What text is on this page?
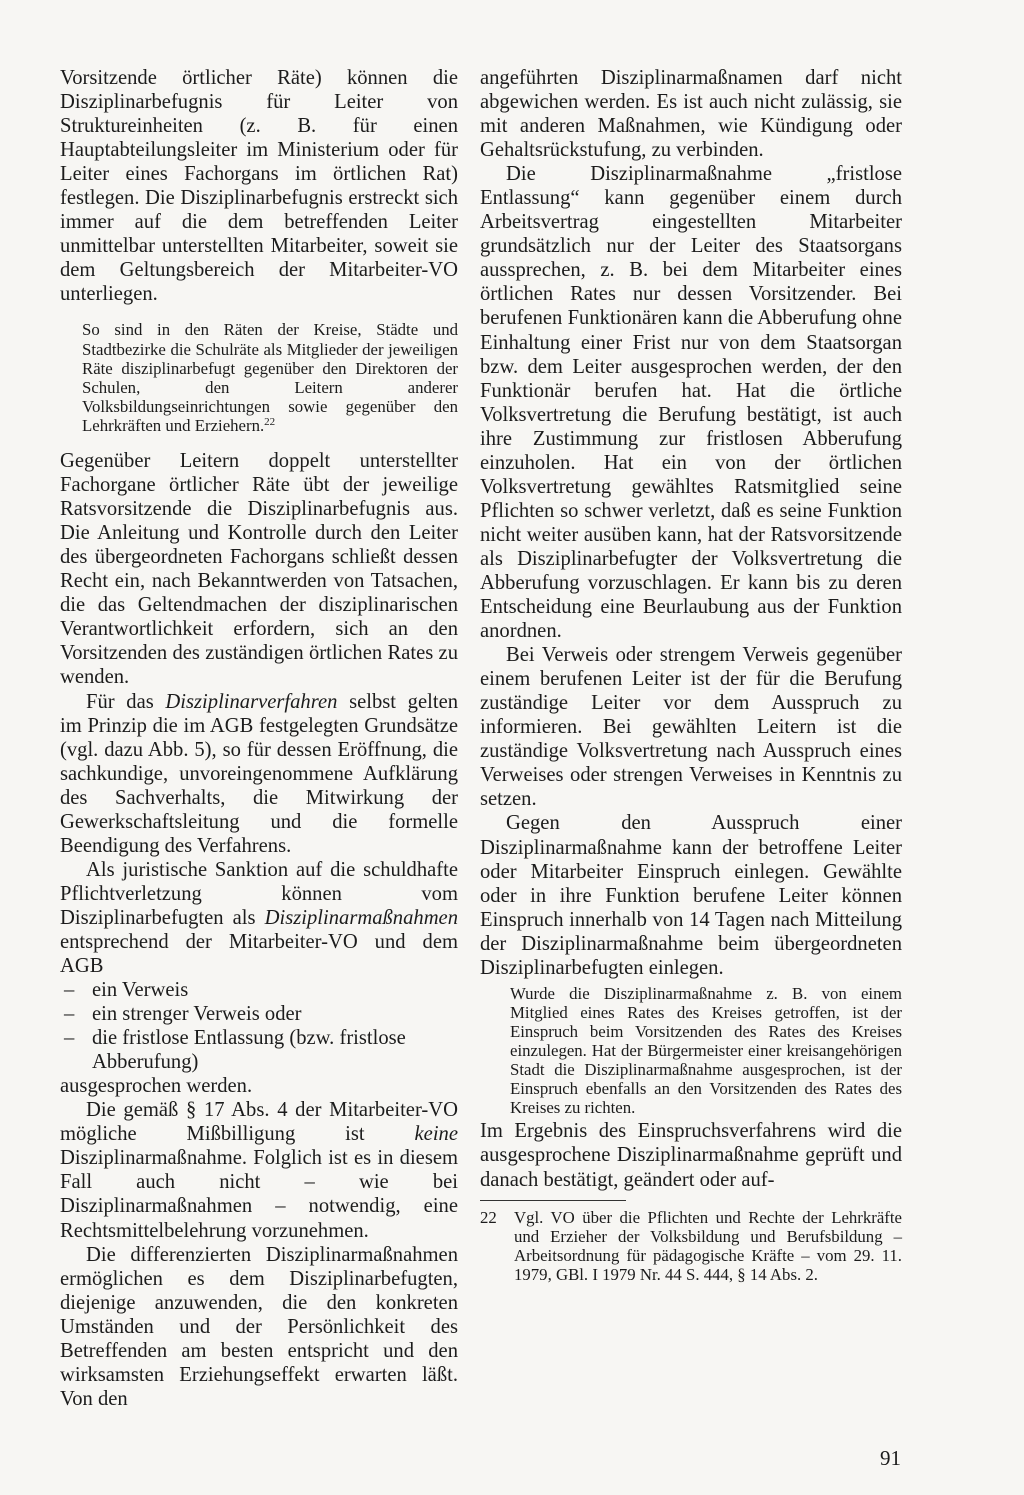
Vorsitzende örtlicher Räte) können die Disziplinarbefugnis für Leiter von Struktureinheiten (z. B. für einen Hauptabteilungsleiter im Ministerium oder für Leiter eines Fachorgans im örtlichen Rat) festlegen. Die Disziplinarbefugnis erstreckt sich immer auf die dem betreffenden Leiter unmittelbar unterstellten Mitarbeiter, soweit sie dem Geltungsbereich der Mitarbeiter-VO unterliegen.

So sind in den Räten der Kreise, Städte und Stadtbezirke die Schulräte als Mitglieder der jeweiligen Räte disziplinarbefugt gegenüber den Direktoren der Schulen, den Leitern anderer Volksbildungseinrichtungen sowie gegenüber den Lehrkräften und Erziehern.$^{22}$

Gegenüber Leitern doppelt unterstellter Fachorgane örtlicher Räte übt der jeweilige Ratsvorsitzende die Disziplinarbefugnis aus. Die Anleitung und Kontrolle durch den Leiter des übergeordneten Fachorgans schließt dessen Recht ein, nach Bekanntwerden von Tatsachen, die das Geltendmachen der disziplinarischen Verantwortlichkeit erfordern, sich an den Vorsitzenden des zuständigen örtlichen Rates zu wenden.

Für das Disziplinarverfahren selbst gelten im Prinzip die im AGB festgelegten Grundsätze (vgl. dazu Abb. 5), so für dessen Eröffnung, die sachkundige, unvoreingenommene Aufklärung des Sachverhalts, die Mitwirkung der Gewerkschaftsleitung und die formelle Beendigung des Verfahrens.

Als juristische Sanktion auf die schuldhafte Pflichtverletzung können vom Disziplinarbefugten als Disziplinarmaßnahmen entsprechend der Mitarbeiter-VO und dem AGB

– ein Verweis
– ein strenger Verweis oder
– die fristlose Entlassung (bzw. fristlose Abberufung)

ausgesprochen werden.

Die gemäß § 17 Abs. 4 der Mitarbeiter-VO mögliche Mißbilligung ist keine Disziplinarmaßnahme. Folglich ist es in diesem Fall auch nicht – wie bei Disziplinarmaßnahmen – notwendig, eine Rechtsmittelbelehrung vorzunehmen.

Die differenzierten Disziplinarmaßnahmen ermöglichen es dem Disziplinarbefugten, diejenige anzuwenden, die den konkreten Umständen und der Persönlichkeit des Betreffenden am besten entspricht und den wirksamsten Erziehungseffekt erwarten läßt. Von den

angeführten Disziplinarmaßnamen darf nicht abgewichen werden. Es ist auch nicht zulässig, sie mit anderen Maßnahmen, wie Kündigung oder Gehaltsrückstufung, zu verbinden.

Die Disziplinarmaßnahme „fristlose Entlassung“ kann gegenüber einem durch Arbeitsvertrag eingestellten Mitarbeiter grundsätzlich nur der Leiter des Staatsorgans aussprechen, z. B. bei dem Mitarbeiter eines örtlichen Rates nur dessen Vorsitzender. Bei berufenen Funktionären kann die Abberufung ohne Einhaltung einer Frist nur von dem Staatsorgan bzw. dem Leiter ausgesprochen werden, der den Funktionär berufen hat. Hat die örtliche Volksvertretung die Berufung bestätigt, ist auch ihre Zustimmung zur fristlosen Abberufung einzuholen. Hat ein von der örtlichen Volksvertretung gewähltes Ratsmitglied seine Pflichten so schwer verletzt, daß es seine Funktion nicht weiter ausüben kann, hat der Ratsvorsitzende als Disziplinarbefugter der Volksvertretung die Abberufung vorzuschlagen. Er kann bis zu deren Entscheidung eine Beurlaubung aus der Funktion anordnen.

Bei Verweis oder strengem Verweis gegenüber einem berufenen Leiter ist der für die Berufung zuständige Leiter vor dem Ausspruch zu informieren. Bei gewählten Leitern ist die zuständige Volksvertretung nach Ausspruch eines Verweises oder strengen Verweises in Kenntnis zu setzen.

Gegen den Ausspruch einer Disziplinarmaßnahme kann der betroffene Leiter oder Mitarbeiter Einspruch einlegen. Gewählte oder in ihre Funktion berufene Leiter können Einspruch innerhalb von 14 Tagen nach Mitteilung der Disziplinarmaßnahme beim übergeordneten Disziplinarbefugten einlegen.

Wurde die Disziplinarmaßnahme z. B. von einem Mitglied eines Rates des Kreises getroffen, ist der Einspruch beim Vorsitzenden des Rates des Kreises einzulegen. Hat der Bürgermeister einer kreisangehörigen Stadt die Disziplinarmaßnahme ausgesprochen, ist der Einspruch ebenfalls an den Vorsitzenden des Rates des Kreises zu richten.

Im Ergebnis des Einspruchsverfahrens wird die ausgesprochene Disziplinarmaßnahme geprüft und danach bestätigt, geändert oder auf-

22	Vgl. VO über die Pflichten und Rechte der Lehrkräfte und Erzieher der Volksbildung und Berufsbildung – Arbeitsordnung für pädagogische Kräfte – vom 29. 11. 1979, GBl. I 1979 Nr. 44 S. 444, § 14 Abs. 2.
91
